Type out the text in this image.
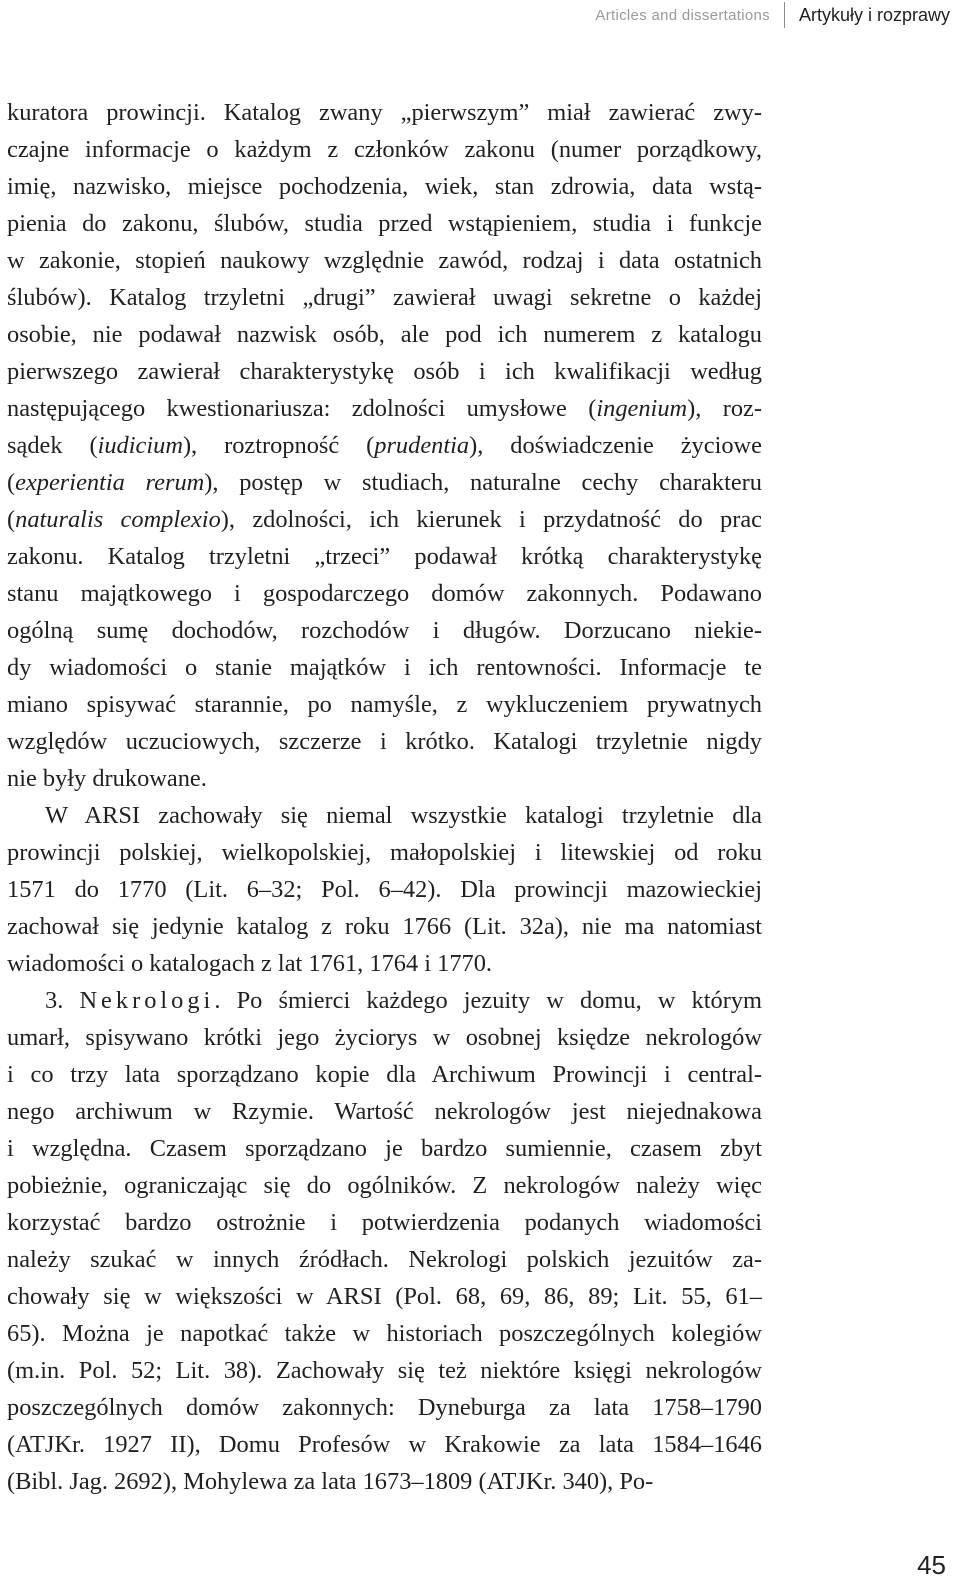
Articles and dissertations Artykuły i rozprawy

kuratora prowincji. Katalog zwany „pierwszym” miał zawierać zwy-
czajne informacje o każdym z członków zakonu (numer porządkowy,
imię, nazwisko, miejsce pochodzenia, wiek, stan zdrowia, data wstą-
pienia do zakonu, ślubów, studia przed wstąpieniem, studia i funkcje
w zakonie, stopień naukowy względnie zawód, rodzaj i data ostatnich
ślubów). Katalog trzyletni „drugi” zawierał uwagi sekretne o każdej
osobie, nie podawał nazwisk osób, ale pod ich numerem z katalogu
pierwszego zawierał charakterystykę osób i ich kwalifikacji według
następującego kwestionariusza: zdolności umysłowe (ingenium), roz-
sądek (iudicium), roztropność (prudentia), doświadczenie życiowe
(experientia rerum), postęp w studiach, naturalne cechy charakteru
(naturalis complexio), zdolności, ich kierunek i przydatność do prac
zakonu. Katalog trzyletni „trzeci” podawał krótką charakterystykę
stanu majątkowego i gospodarczego domów zakonnych. Podawano
ogólną sumę dochodów, rozchodów i długów. Dorzucano niekie-
dy wiadomości o stanie majątków i ich rentowności. Informacje te
miano spisywać starannie, po namyśle, z wykluczeniem prywatnych
względów uczuciowych, szczerze i krótko. Katalogi trzyletnie nigdy
nie były drukowane.

W ARSI zachowały się niemal wszystkie katalogi trzyletnie dla
prowincji polskiej, wielkopolskiej, małopolskiej i litewskiej od roku
1571 do 1770 (Lit. 6–32; Pol. 6–42). Dla prowincji mazowieckiej
zachował się jedynie katalog z roku 1766 (Lit. 32a), nie ma natomiast
wiadomości o katalogach z lat 1761, 1764 i 1770.

3. Nekrologi. Po śmierci każdego jezuity w domu, w którym
umarł, spisywano krótki jego życiorys w osobnej księdze nekrologów
i co trzy lata sporządzano kopie dla Archiwum Prowincji i central-
nego archiwum w Rzymie. Wartość nekrologów jest niejednakowa
i względna. Czasem sporządzano je bardzo sumiennie, czasem zbyt
pobieżnie, ograniczając się do ogólników. Z nekrologów należy więc
korzystać bardzo ostrożnie i potwierdzenia podanych wiadomości
należy szukać w innych źródłach. Nekrologi polskich jezuitów za-
chowały się w większości w ARSI (Pol. 68, 69, 86, 89; Lit. 55, 61–
65). Można je napotkać także w historiach poszczególnych kolegiów
(m.in. Pol. 52; Lit. 38). Zachowały się też niektóre księgi nekrologów
poszczególnych domów zakonnych: Dyneburga za lata 1758–1790
(ATJKr. 1927 II), Domu Profesów w Krakowie za lata 1584–1646
(Bibl. Jag. 2692), Mohylewa za lata 1673–1809 (ATJKr. 340), Po-

45
